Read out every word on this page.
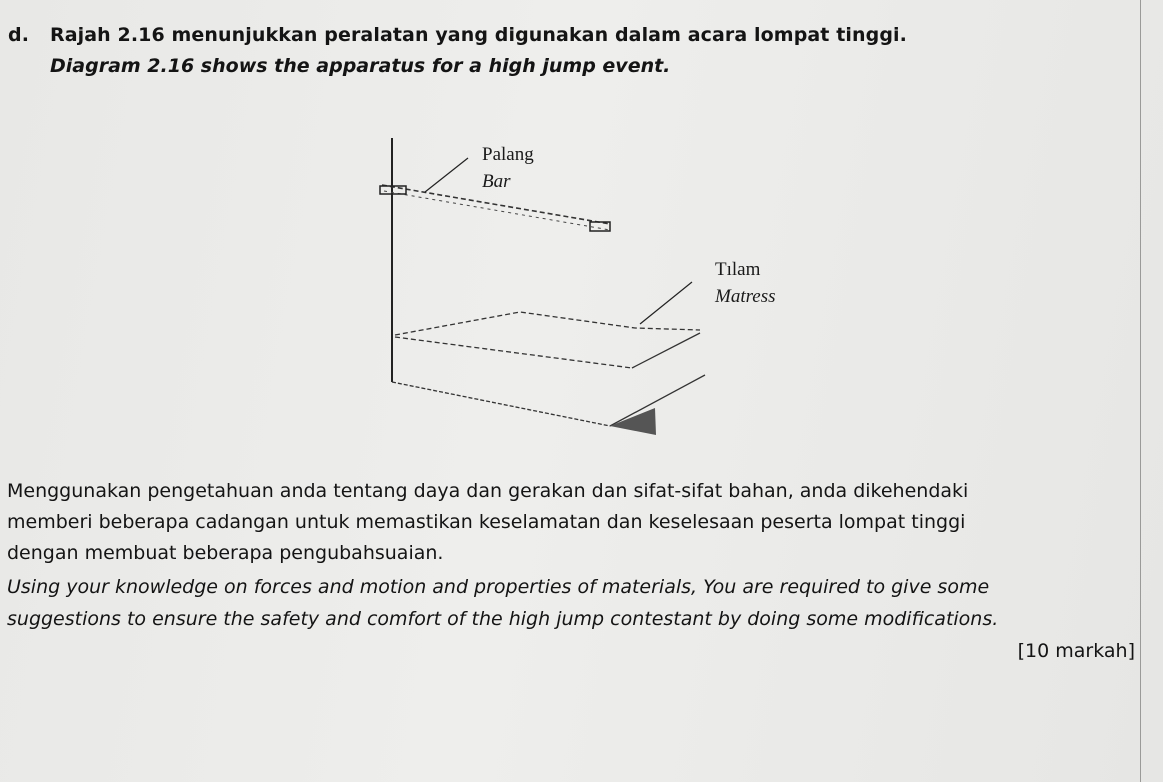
d. Rajah 2.16 menunjukkan peralatan yang digunakan dalam acara lompat tinggi.
Diagram 2.16 shows the apparatus for a high jump event.
Palang
Bar
Tılam
Matress
Menggunakan pengetahuan anda tentang daya dan gerakan dan sifat-sifat bahan, anda dikehendaki
memberi beberapa cadangan untuk memastikan keselamatan dan keselesaan peserta lompat tinggi
dengan membuat beberapa pengubahsuaian.
Using your knowledge on forces and motion and properties of materials, You are required to give some
suggestions to ensure the safety and comfort of the high jump contestant by doing some modifications.
[10 markah]
